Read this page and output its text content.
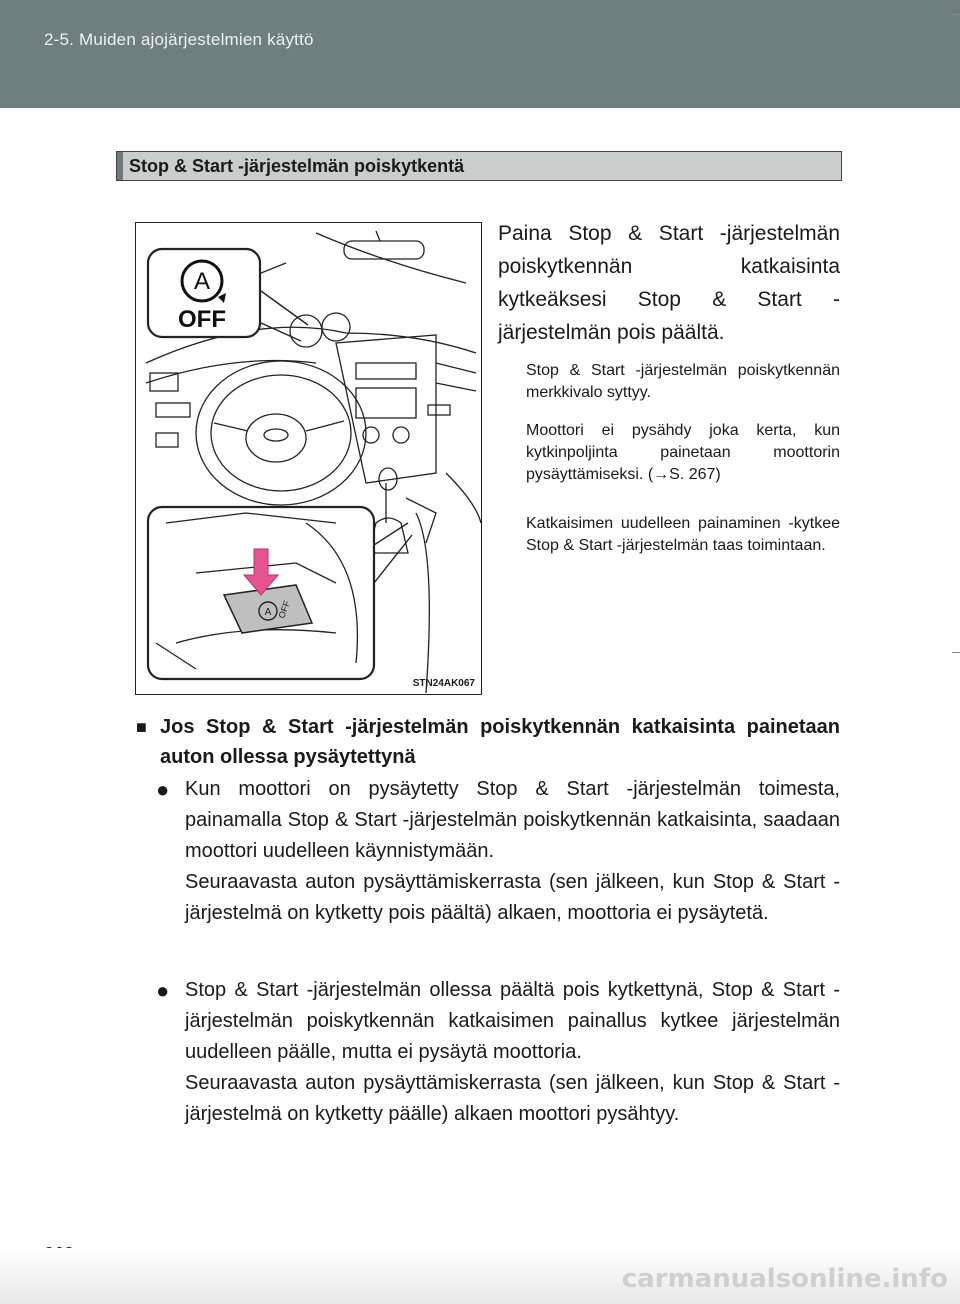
2-5. Muiden ajojärjestelmien käyttö
Stop & Start -järjestelmän poiskytkentä
A
OFF
A OFF
STN24AK067
Paina Stop & Start -järjestelmän poiskytkennän katkaisinta kytkeäksesi Stop & Start -järjestelmän pois päältä.
Stop & Start -järjestelmän poiskytkennän merkkivalo syttyy.
Moottori ei pysähdy joka kerta, kun kytkinpoljinta painetaan moottorin pysäyttämiseksi. (→S. 267)
Katkaisimen uudelleen painaminen -kytkee Stop & Start -järjestelmän taas toimintaan.
■ Jos Stop & Start -järjestelmän poiskytkennän katkaisinta painetaan auton ollessa pysäytettynä
● Kun moottori on pysäytetty Stop & Start -järjestelmän toimesta, painamalla Stop & Start -järjestelmän poiskytkennän katkaisinta, saadaan moottori uudelleen käynnistymään.

Seuraavasta auton pysäyttämiskerrasta (sen jälkeen, kun Stop & Start -järjestelmä on kytketty pois päältä) alkaen, moottoria ei pysäytetä.

● Stop & Start -järjestelmän ollessa päältä pois kytkettynä, Stop & Start -järjestelmän poiskytkennän katkaisimen painallus kytkee järjestelmän uudelleen päälle, mutta ei pysäytä moottoria.

Seuraavasta auton pysäyttämiskerrasta (sen jälkeen, kun Stop & Start -järjestelmä on kytketty päälle) alkaen moottori pysähtyy.

carmanualsonline.info
